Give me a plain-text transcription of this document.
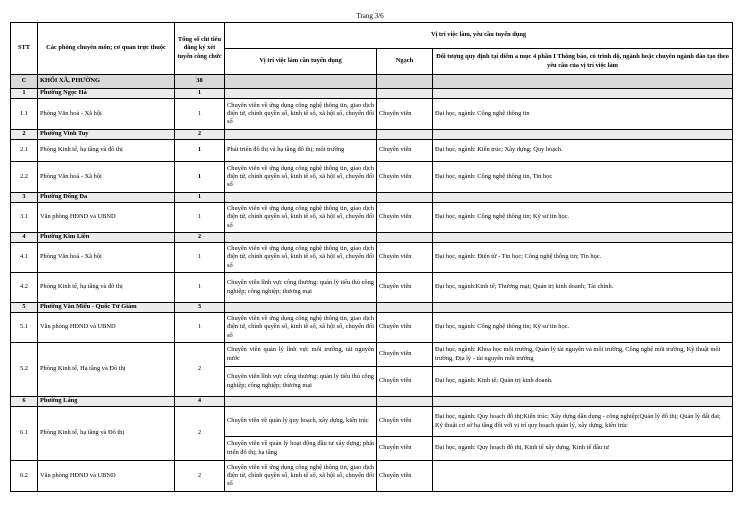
Trang 3/6
STT	Các phòng chuyên môn; cơ quan trực thuộc	Tổng số chỉ tiêu đăng ký xét tuyển công chức	Vị trí việc làm, yêu cầu tuyển dụng		
			Vị trí việc làm cần tuyển dụng	Ngạch	Đối tượng quy định tại điểm a mục 4 phần I Thông báo, có trình độ, ngành hoặc chuyên ngành đào tạo theo yêu cầu của vị trí việc làm
C	KHỐI XÃ, PHƯỜNG	38			
1	Phường Ngọc Hà	1			
1.1	Phòng Văn hoá - Xã hội	1	Chuyên viên về ứng dụng công nghệ thông tin, giao dịch điện tử, chính quyền số, kinh tế số, xã hội số, chuyển đổi số	Chuyên viên	Đại học, ngành: Công nghệ thông tin
2	Phường Vĩnh Tuy	2			
2.1	Phòng Kinh tế, hạ tầng và đô thị	1	Phát triển đô thị và hạ tầng đô thị; môi trường	Chuyên viên	Đại học, ngành: Kiến trúc; Xây dựng; Quy hoạch.
2.2	Phòng Văn hoá - Xã hội	1	Chuyên viên về ứng dụng công nghệ thông tin, giao dịch điện tử, chính quyền số, kinh tế số, xã hội số, chuyển đổi số	Chuyên viên	Đại học, ngành: Công nghệ thông tin, Tin học
3	Phường Đống Đa	1			
3.1	Văn phòng HĐND và UBND	1	Chuyên viên về ứng dụng công nghệ thông tin, giao dịch điện tử, chính quyền số, kinh tế số, xã hội số, chuyển đổi số	Chuyên viên	Đại học, ngành: Công nghệ thông tin; Kỹ sư tin học.
4	Phường Kim Liên	2			
4.1	Phòng Văn hoá - Xã hội	1	Chuyên viên về ứng dụng công nghệ thông tin, giao dịch điện tử, chính quyền số, kinh tế số, xã hội số, chuyển đổi số	Chuyên viên	Đại học, ngành: Điện tử - Tin học; Công nghệ thông tin; Tin học.
4.2	Phòng Kinh tế, hạ tầng và đô thị	1	Chuyên viên lĩnh vực công thương: quản lý tiểu thủ công nghiệp; công nghiệp; thương mại	Chuyên viên	Đại học, ngành:Kinh tế; Thương mại; Quản trị kinh doanh; Tài chính.
5	Phường Văn Miếu - Quốc Tử Giám	3			
5.1	Văn phòng HĐND và UBND	1	Chuyên viên về ứng dụng công nghệ thông tin, giao dịch điện tử, chính quyền số, kinh tế số, xã hội số, chuyển đổi số	Chuyên viên	Đại học, ngành: Công nghệ thông tin; Kỹ sư tin học.
5.2	Phòng Kinh tế, Hạ tầng và Đô thị	2	Chuyên viên quản lý lĩnh vực môi trường, tài nguyên nước	Chuyên viên	Đại học, ngành: Khoa học môi trường, Quản lý tài nguyên và môi trường, Công nghệ môi trường, Kỹ thuật môi trường, Địa lý - tài nguyên môi trường
			Chuyên viên lĩnh vực công thương: quản lý tiểu thủ công nghiệp; công nghiệp; thương mại	Chuyên viên	Đại học, ngành: Kinh tế; Quản trị kinh doanh.
6	Phường Láng	4			
6.1	Phòng Kinh tế, hạ tầng và Đô thị	2	Chuyên viên về quản lý quy hoạch, xây dựng, kiến trúc	Chuyên viên	Đại học, ngành: Quy hoạch đô thị;Kiến trúc; Xây dựng dân dụng - công nghiệp;Quản lý đô thị; Quản lý đất đai; Kỹ thuật cơ sở hạ tầng đối với vị trí quy hoạch quản lý, xây dựng, kiến trúc
			Chuyên viên về quản lý hoạt động đầu tư xây dựng; phát triển đô thị; hạ tầng	Chuyên viên	Đại học, ngành: Quy hoạch đô thị, Kinh tế xây dựng, Kinh tế đầu tư
6.2	Văn phòng HĐND và UBND	2	Chuyên viên về ứng dụng công nghệ thông tin, giao dịch điện tử, chính quyền số, kinh tế số, xã hội số, chuyển đổi số	Chuyên viên	
